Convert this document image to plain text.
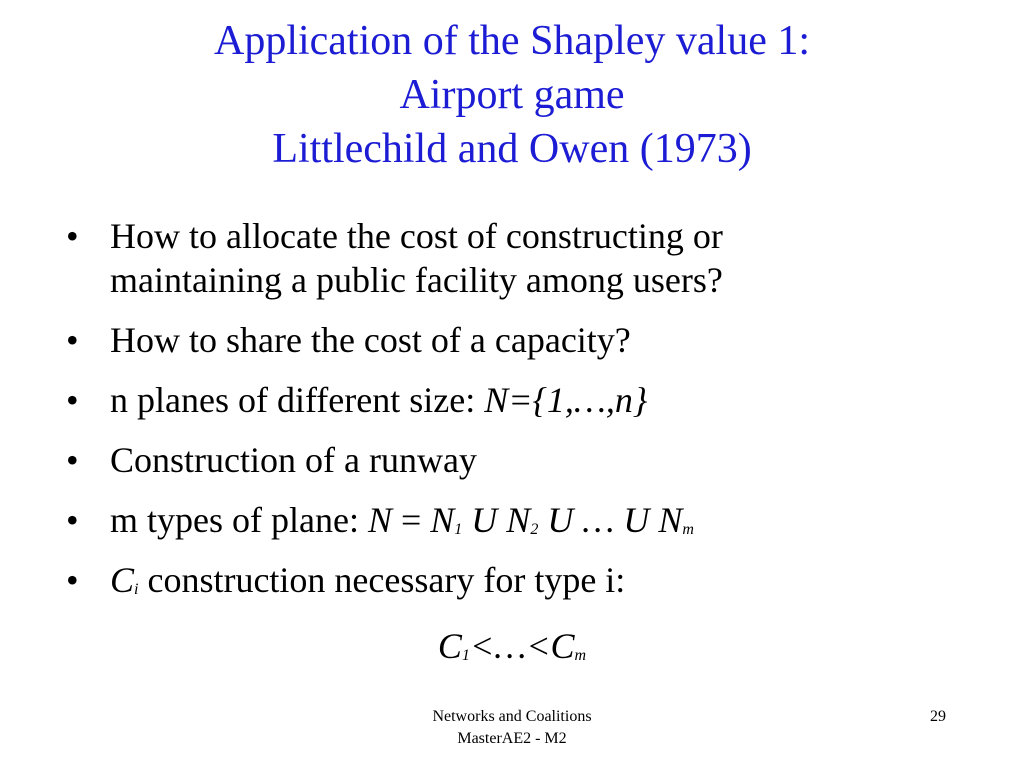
Application of the Shapley value 1:
Airport game
Littlechild and Owen (1973)
• How to allocate the cost of constructing or
maintaining a public facility among users?
• How to share the cost of a capacity?
• n planes of different size: N={1,…,n}
• Construction of a runway
• m types of plane: $N = N_1$ U $N_2$ U … U $N_m$
• $C_i$ construction necessary for type i:
$C_1<\dots<C_m$
Networks and Coalitions
MasterAE2 - M2
29
